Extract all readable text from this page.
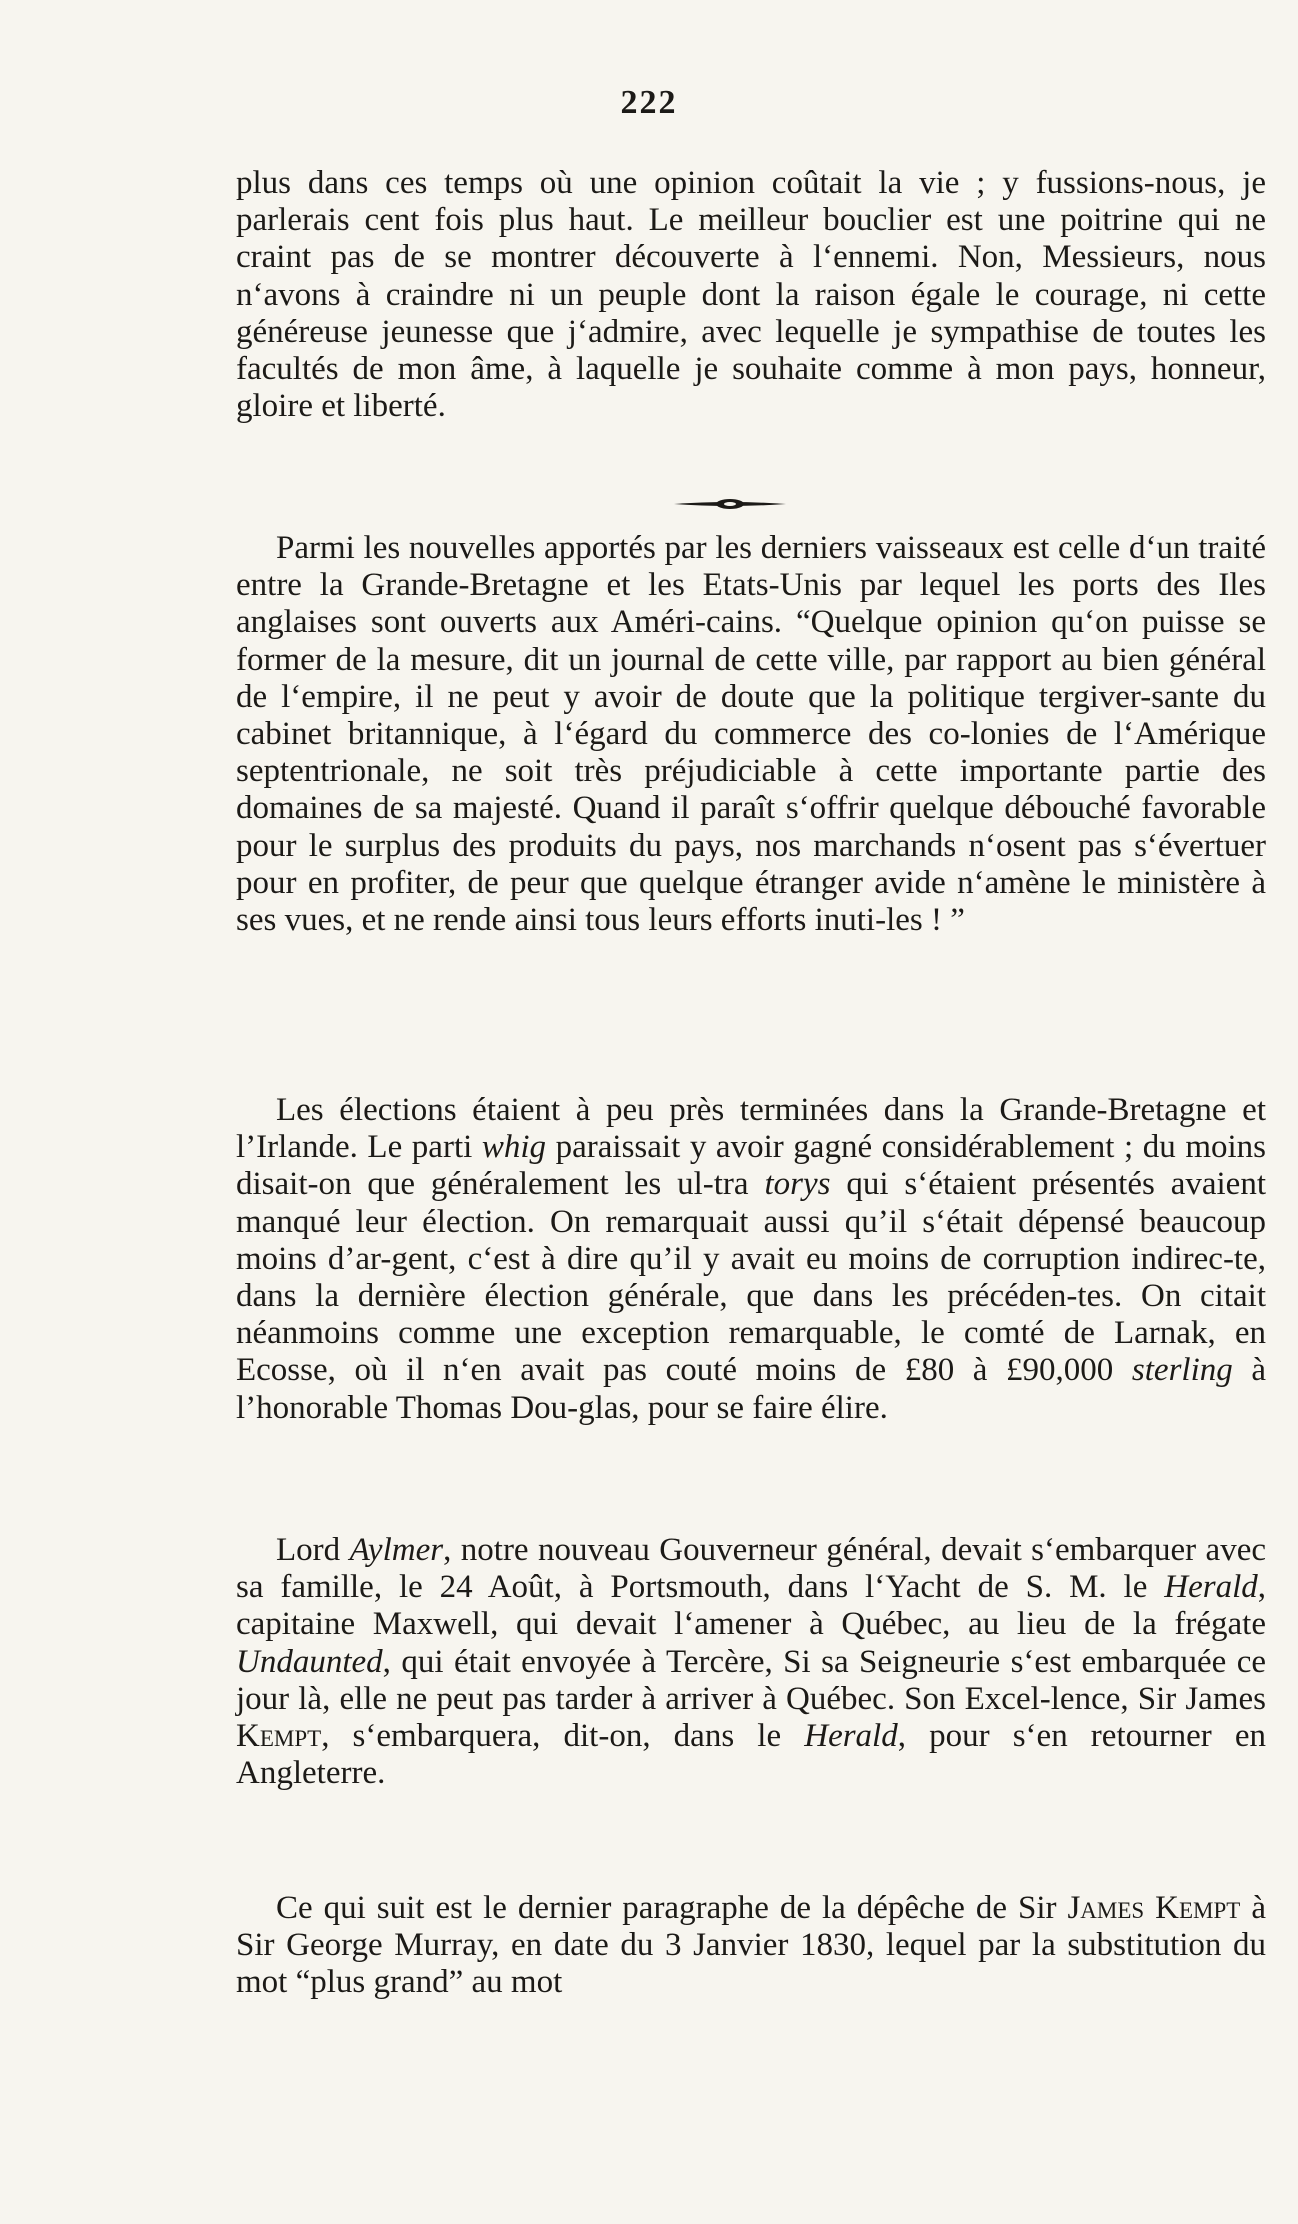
222

plus dans ces temps où une opinion coûtait la vie ; y fussions-nous, je parlerais cent fois plus haut. Le meilleur bouclier est une poitrine qui ne craint pas de se montrer découverte à l‘ennemi. Non, Messieurs, nous n‘avons à craindre ni un peuple dont la raison égale le courage, ni cette généreuse jeunesse que j‘admire, avec lequelle je sympathise de toutes les facultés de mon âme, à laquelle je souhaite comme à mon pays, honneur, gloire et liberté.

Parmi les nouvelles apportés par les derniers vaisseaux est celle d‘un traité entre la Grande-Bretagne et les Etats-Unis par lequel les ports des Iles anglaises sont ouverts aux Améri-cains. “Quelque opinion qu‘on puisse se former de la mesure, dit un journal de cette ville, par rapport au bien général de l‘empire, il ne peut y avoir de doute que la politique tergiver-sante du cabinet britannique, à l‘égard du commerce des co-lonies de l‘Amérique septentrionale, ne soit très préjudiciable à cette importante partie des domaines de sa majesté. Quand il paraît s‘offrir quelque débouché favorable pour le surplus des produits du pays, nos marchands n‘osent pas s‘évertuer pour en profiter, de peur que quelque étranger avide n‘amène le ministère à ses vues, et ne rende ainsi tous leurs efforts inuti-les ! ”

Les élections étaient à peu près terminées dans la Grande-Bretagne et l’Irlande. Le parti whig paraissait y avoir gagné considérablement ; du moins disait-on que généralement les ul-tra torys qui s‘étaient présentés avaient manqué leur élection. On remarquait aussi qu’il s‘était dépensé beaucoup moins d’ar-gent, c‘est à dire qu’il y avait eu moins de corruption indirec-te, dans la dernière élection générale, que dans les précéden-tes. On citait néanmoins comme une exception remarquable, le comté de Larnak, en Ecosse, où il n‘en avait pas couté moins de £80 à £90,000 sterling à l’honorable Thomas Dou-glas, pour se faire élire.

Lord Aylmer, notre nouveau Gouverneur général, devait s‘embarquer avec sa famille, le 24 Août, à Portsmouth, dans l‘Yacht de S. M. le Herald, capitaine Maxwell, qui devait l‘amener à Québec, au lieu de la frégate Undaunted, qui était envoyée à Tercère, Si sa Seigneurie s‘est embarquée ce jour là, elle ne peut pas tarder à arriver à Québec. Son Excel-lence, Sir James Kempt, s‘embarquera, dit-on, dans le Herald, pour s‘en retourner en Angleterre.

Ce qui suit est le dernier paragraphe de la dépêche de Sir James Kempt à Sir George Murray, en date du 3 Janvier 1830, lequel par la substitution du mot “plus grand” au mot
